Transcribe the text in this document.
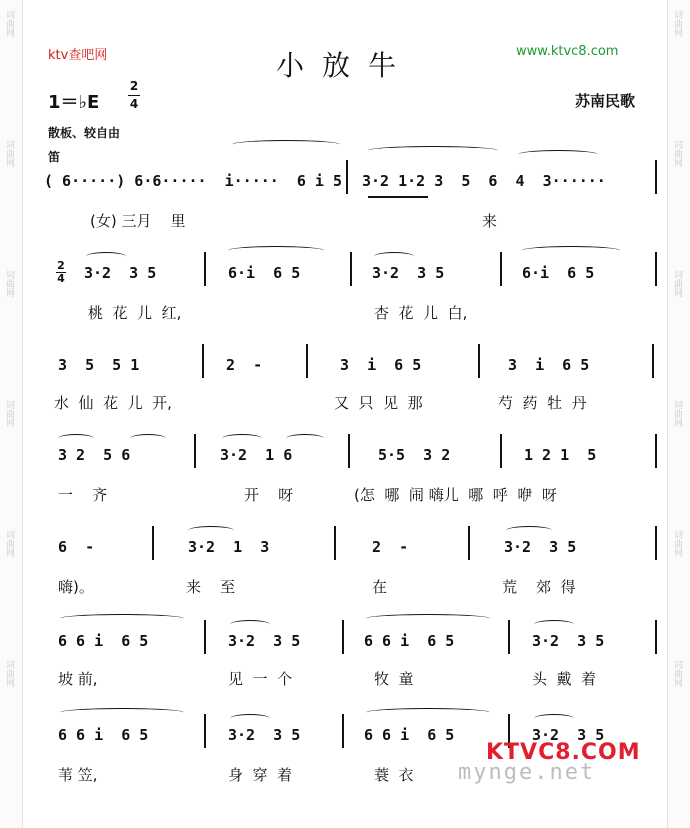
词曲网
词曲网
词曲网
词曲网
词曲网
词曲网
词曲网
词曲网
词曲网
词曲网
词曲网
词曲网
ktv查吧网	小放牛	www.ktvc8.com
1＝♭E
2
4	苏南民歌
散板、较自由
笛
( 6·····) 6·6·····  i·····  6 i 5 3·2 1·2 3  5  6  4  3······
(女) 三月    里	来
2
4 3·2  3 5	6·i  6 5	3·2  3 5	6·i  6 5
桃  花  儿  红,	杏  花  儿  白,
3  5  5 1	2  -	3  i  6 5	3  i  6 5
水  仙  花  儿  开,	又  只  见  那	芍  药  牡  丹
3 2  5 6	3·2  1 6	5·5  3 2	1 2 1  5
一    齐	开    呀	(怎  哪  闹 嗨儿  哪  呼  咿  呀
6  -	3·2  1  3	2  -	3·2  3 5
嗨)。	来    至	在	荒    郊  得
6 6 i  6 5	3·2  3 5	6 6 i  6 5	3·2  3 5
坡 前,	见  一  个	牧  童	头  戴  着
6 6 i  6 5	3·2  3 5	6 6 i  6 5	3·2  3 5
苇 笠,	身  穿  着	蓑  衣
KTVC8.COM
mynge.net
